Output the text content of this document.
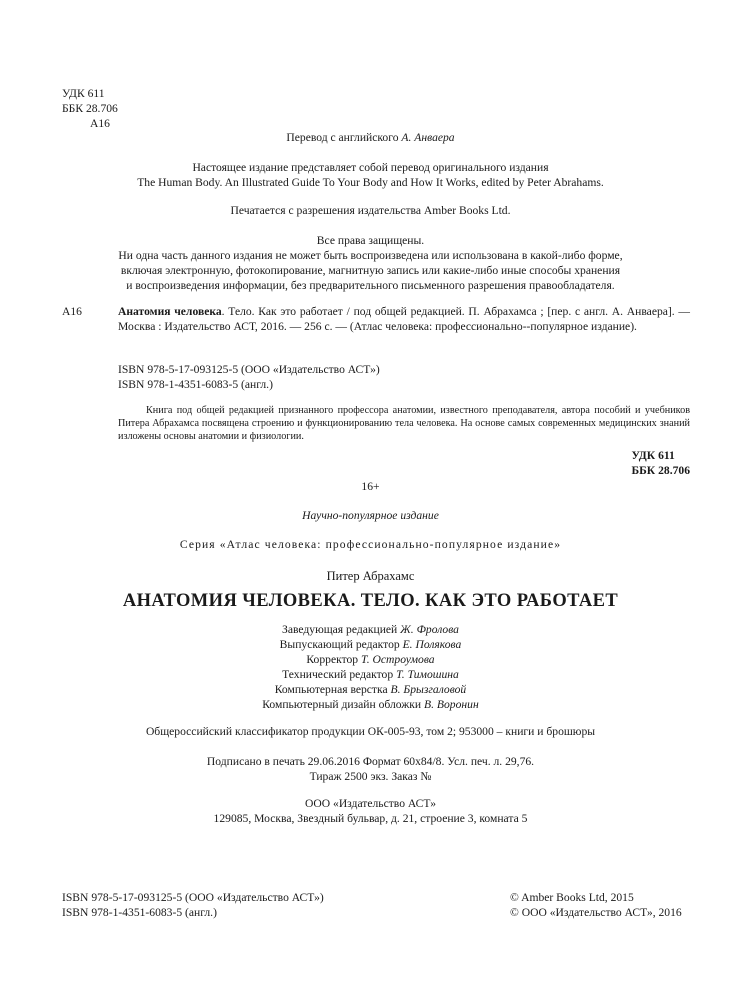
УДК 611
ББК 28.706
А16
Перевод с английского А. Анваера
Настоящее издание представляет собой перевод оригинального издания
The Human Body. An Illustrated Guide To Your Body and How It Works, edited by Peter Abrahams.
Печатается с разрешения издательства Amber Books Ltd.
Все права защищены.
Ни одна часть данного издания не может быть воспроизведена или использована в какой-либо форме,
включая электронную, фотокопирование, магнитную запись или какие-либо иные способы хранения
и воспроизведения информации, без предварительного письменного разрешения правообладателя.
А16	Анатомия человека. Тело. Как это работает / под общей редакцией. П. Абрахамса ; [пер. с англ. А. Анваера]. — Москва : Издательство АСТ, 2016. — 256 с. — (Атлас человека: профессионально--популярное издание).

ISBN 978-5-17-093125-5 (ООО «Издательство АСТ»)
ISBN 978-1-4351-6083-5 (англ.)

Книга под общей редакцией признанного профессора анатомии, известного преподавателя, автора пособий и учебников Питера Абрахамса посвящена строению и функционированию тела человека. На основе самых современных медицинских знаний изложены основы анатомии и физиологии.

УДК 611
ББК 28.706
16+
Научно-популярное издание
Серия «Атлас человека: профессионально-популярное издание»
Питер Абрахамс
АНАТОМИЯ ЧЕЛОВЕКА. ТЕЛО. КАК ЭТО РАБОТАЕТ
Заведующая редакцией Ж. Фролова
Выпускающий редактор Е. Полякова
Корректор Т. Остроумова
Технический редактор Т. Тимошина
Компьютерная верстка В. Брызгаловой
Компьютерный дизайн обложки В. Воронин
Общероссийский классификатор продукции ОК-005-93, том 2; 953000 – книги и брошюры
Подписано в печать 29.06.2016 Формат 60x84/8. Усл. печ. л. 29,76.
Тираж 2500 экз. Заказ №
ООО «Издательство АСТ»
129085, Москва, Звездный бульвар, д. 21, строение 3, комната 5
ISBN 978-5-17-093125-5 (ООО «Издательство АСТ»)
ISBN 978-1-4351-6083-5 (англ.)
© Amber Books Ltd, 2015
© ООО «Издательство АСТ», 2016
